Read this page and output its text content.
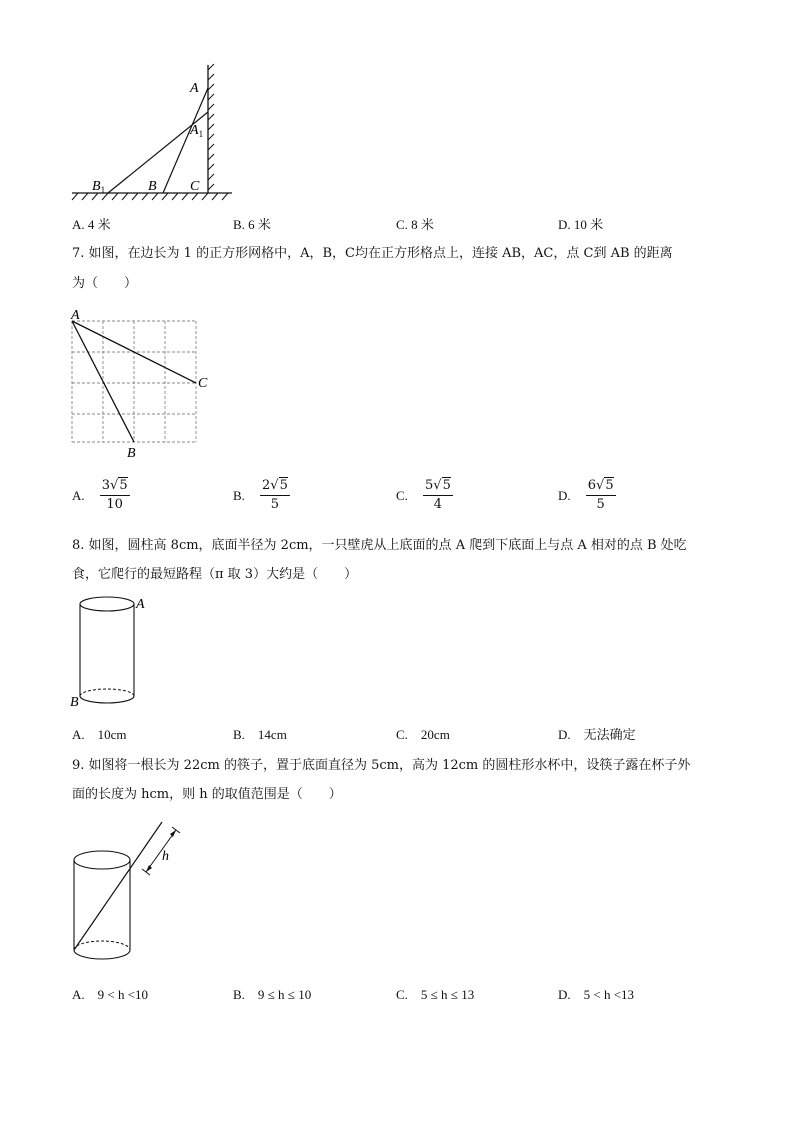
A
$A_1$
$B_1$	B C
A. 4 米	B. 6 米	C. 8 米	D. 10 米
7. 如图，在边长为 1 的正方形网格中，A，B，C均在正方形格点上，连接 AB，AC，点 C到 AB 的距离
为（　　）
A
C
B
A. $\frac{3√5}{10}$	B. $\frac{2√5}{5}$	C. $\frac{5√5}{4}$	D. $\frac{6√5}{5}$
8. 如图，圆柱高 8cm，底面半径为 2cm，一只壁虎从上底面的点 A 爬到下底面上与点 A 相对的点 B 处吃
食，它爬行的最短路程（π 取 3）大约是（　　）
A
B
A.　10cm	B.　14cm	C.　20cm	D.　无法确定
9. 如图将一根长为 22cm 的筷子，置于底面直径为 5cm，高为 12cm 的圆柱形水杯中，设筷子露在杯子外
面的长度为 hcm，则 h 的取值范围是（　　）
h
A.　9 < h <10	B.　9 ≤ h ≤ 10	C.　5 ≤ h ≤ 13	D.　5 < h <13
